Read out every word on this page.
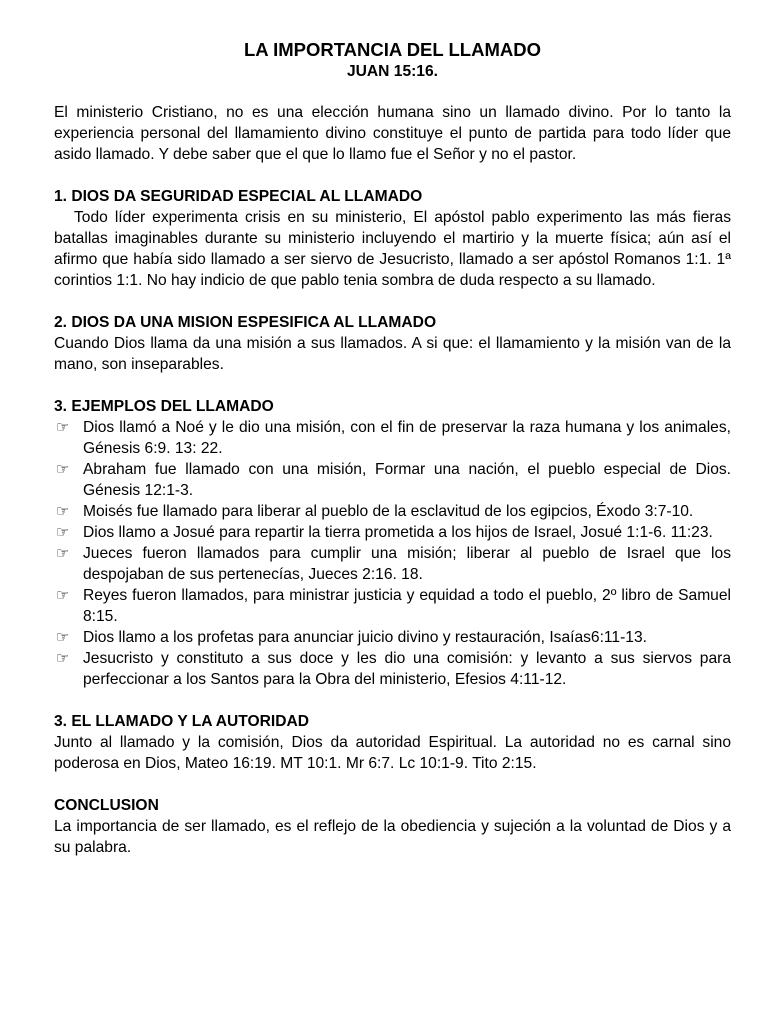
LA IMPORTANCIA DEL LLAMADO
JUAN 15:16.

El ministerio Cristiano, no es una elección humana sino un llamado divino. Por lo tanto la experiencia personal del llamamiento divino constituye el punto de partida para todo líder que asido llamado. Y debe saber que el que lo llamo fue el Señor y no el pastor.

1. DIOS DA SEGURIDAD ESPECIAL AL LLAMADO

Todo líder experimenta crisis en su ministerio, El apóstol pablo experimento las más fieras batallas imaginables durante su ministerio incluyendo el martirio y la muerte física; aún así el afirmo que había sido llamado a ser siervo de Jesucristo, llamado a ser apóstol Romanos 1:1. 1ª corintios 1:1. No hay indicio de que pablo tenia sombra de duda respecto a su llamado.

2. DIOS DA UNA MISION ESPESIFICA AL LLAMADO

Cuando Dios llama da una misión a sus llamados. A si que: el llamamiento y la misión van de la mano, son inseparables.

3. EJEMPLOS DEL LLAMADO
☞ Dios llamó a Noé y le dio una misión, con el fin de preservar la raza humana y los animales, Génesis 6:9. 13: 22.
☞ Abraham fue llamado con una misión, Formar una nación, el pueblo especial de Dios. Génesis 12:1-3.
☞ Moisés fue llamado para liberar al pueblo de la esclavitud de los egipcios, Éxodo 3:7-10.
☞ Dios llamo a Josué para repartir la tierra prometida a los hijos de Israel, Josué 1:1-6. 11:23.
☞ Jueces fueron llamados para cumplir una misión; liberar al pueblo de Israel que los despojaban de sus pertenecías, Jueces 2:16. 18.
☞ Reyes fueron llamados, para ministrar justicia y equidad a todo el pueblo, 2º libro de Samuel 8:15.
☞ Dios llamo a los profetas para anunciar juicio divino y restauración, Isaías6:11-13.
☞ Jesucristo y constituto a sus doce y les dio una comisión: y levanto a sus siervos para perfeccionar a los Santos para la Obra del ministerio, Efesios 4:11-12.
3. EL LLAMADO Y LA AUTORIDAD

Junto al llamado y la comisión, Dios da autoridad Espiritual. La autoridad no es carnal sino poderosa en Dios, Mateo 16:19. MT 10:1. Mr 6:7. Lc 10:1-9. Tito 2:15.

CONCLUSION

La importancia de ser llamado, es el reflejo de la obediencia y sujeción a la voluntad de Dios y a su palabra.
